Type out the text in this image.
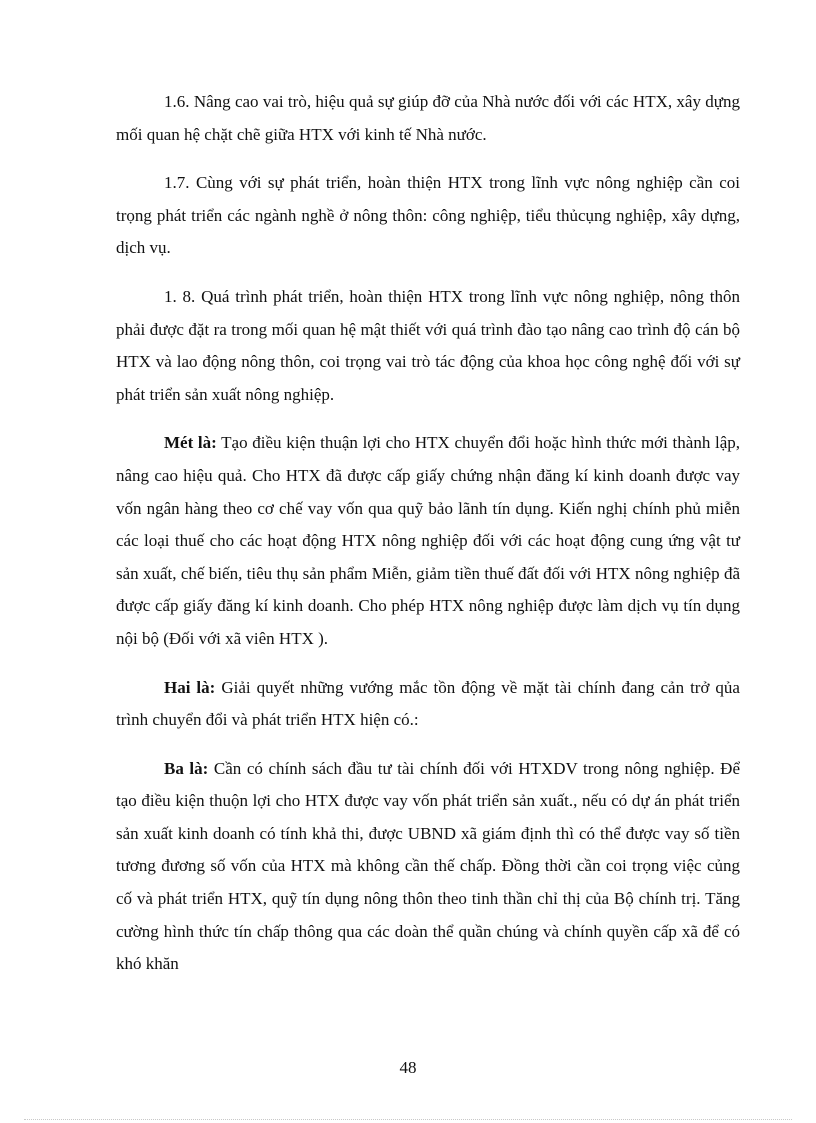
1.6. Nâng cao vai trò, hiệu quả sự giúp đỡ của Nhà nước đối với các HTX, xây dựng mối quan hệ chặt chẽ giữa HTX với kinh tế Nhà nước.

1.7. Cùng với sự phát triển, hoàn thiện HTX trong lĩnh vực nông nghiệp cần coi trọng phát triển các ngành nghề ở nông thôn: công nghiệp, tiểu thủcụng nghiệp, xây dựng, dịch vụ.

1. 8. Quá trình phát triển, hoàn thiện HTX trong lĩnh vực nông nghiệp, nông thôn phải được đặt ra trong mối quan hệ mật thiết với quá trình đào tạo nâng cao trình độ cán bộ HTX và lao động nông thôn, coi trọng vai trò tác động của khoa học công nghệ đối với sự phát triển sản xuất nông nghiệp.

Mét là: Tạo điều kiện thuận lợi cho HTX chuyển đổi hoặc hình thức mới thành lập, nâng cao hiệu quả. Cho HTX đã được cấp giấy chứng nhận đăng kí kinh doanh được vay vốn ngân hàng theo cơ chế vay vốn qua quỹ bảo lãnh tín dụng. Kiến nghị chính phủ miễn các loại thuế cho các hoạt động HTX nông nghiệp đối với các hoạt động cung ứng vật tư sản xuất, chế biến, tiêu thụ sản phẩm Miễn, giảm tiền thuế đất đối với HTX nông nghiệp đã được cấp giấy đăng kí kinh doanh. Cho phép HTX nông nghiệp được làm dịch vụ tín dụng nội bộ (Đối với xã viên HTX ).

Hai là: Giải quyết những vướng mắc tồn động về mặt tài chính đang cản trở qủa trình chuyển đổi và phát triển HTX hiện có.:

Ba là: Cần có chính sách đầu tư tài chính đối với HTXDV trong nông nghiệp. Để tạo điều kiện thuộn lợi cho HTX được vay vốn phát triển sản xuất., nếu có dự án phát triển sản xuất kinh doanh có tính khả thi, được UBND xã giám định thì có thể được vay số tiền tương đương số vốn của HTX mà không cần thế chấp. Đồng thời cần coi trọng việc củng cố và phát triển HTX, quỹ tín dụng nông thôn theo tinh thần chỉ thị của Bộ chính trị. Tăng cường hình thức tín chấp thông qua các doàn thể quần chúng và chính quyền cấp xã để có khó khăn

48
